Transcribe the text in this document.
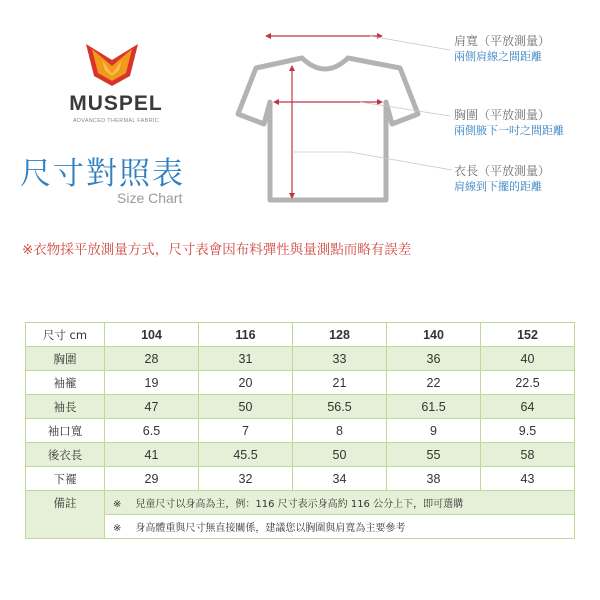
MUSPEL
ADVANCED THERMAL FABRIC
尺寸對照表
Size Chart
肩寬（平放測量）
兩側肩線之間距離
胸圍（平放測量）
兩側腋下一吋之間距離
衣長（平放測量）
肩線到下擺的距離
※衣物採平放測量方式，尺寸表會因布料彈性與量測點而略有誤差
尺寸 cm	104	116	128	140	152
胸圍	28	31	33	36	40
袖襱	19	20	21	22	22.5
袖長	47	50	56.5	61.5	64
袖口寬	6.5	7	8	9	9.5
後衣長	41	45.5	50	55	58
下襬	29	32	34	38	43
備註	※ 兒童尺寸以身高為主，例：116 尺寸表示身高約 116 公分上下，即可選購				
	※ 身高體重與尺寸無直接關係，建議您以胸圍與肩寬為主要參考				
